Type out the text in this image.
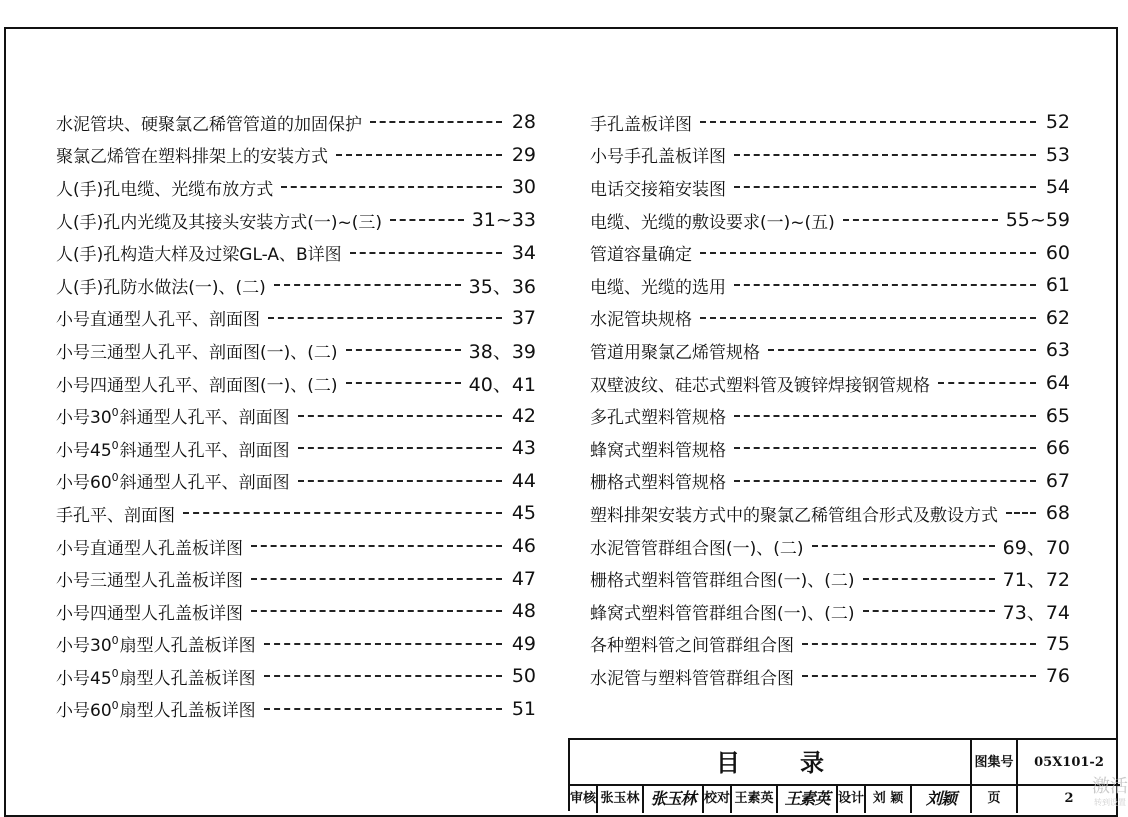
水泥管块、硬聚氯乙稀管管道的加固保护	28
聚氯乙烯管在塑料排架上的安装方式	29
人(手)孔电缆、光缆布放方式	30
人(手)孔内光缆及其接头安装方式(一)~(三)	31~33
人(手)孔构造大样及过梁GL-A、B详图	34
人(手)孔防水做法(一)、(二)	35、36
小号直通型人孔平、剖面图	37
小号三通型人孔平、剖面图(一)、(二)	38、39
小号四通型人孔平、剖面图(一)、(二)	40、41
小号$30^0$斜通型人孔平、剖面图	42
小号$45^0$斜通型人孔平、剖面图	43
小号$60^0$斜通型人孔平、剖面图	44
手孔平、剖面图	45
小号直通型人孔盖板详图	46
小号三通型人孔盖板详图	47
小号四通型人孔盖板详图	48
小号$30^0$扇型人孔盖板详图	49
小号$45^0$扇型人孔盖板详图	50
小号$60^0$扇型人孔盖板详图	51
手孔盖板详图	52
小号手孔盖板详图	53
电话交接箱安装图	54
电缆、光缆的敷设要求(一)~(五)	55~59
管道容量确定	60
电缆、光缆的选用	61
水泥管块规格	62
管道用聚氯乙烯管规格	63
双壁波纹、硅芯式塑料管及镀锌焊接钢管规格	64
多孔式塑料管规格	65
蜂窝式塑料管规格	66
栅格式塑料管规格	67
塑料排架安装方式中的聚氯乙稀管组合形式及敷设方式	68
水泥管管群组合图(一)、(二)	69、70
栅格式塑料管管群组合图(一)、(二)	71、72
蜂窝式塑料管管群组合图(一)、(二)	73、74
各种塑料管之间管群组合图	75
水泥管与塑料管管群组合图	76
目录	图集号	05X101-2
审核 张玉林 张玉林 校对 王素英 王素英 设计 刘 颖	刘颖	页	2
激活
转到设置
